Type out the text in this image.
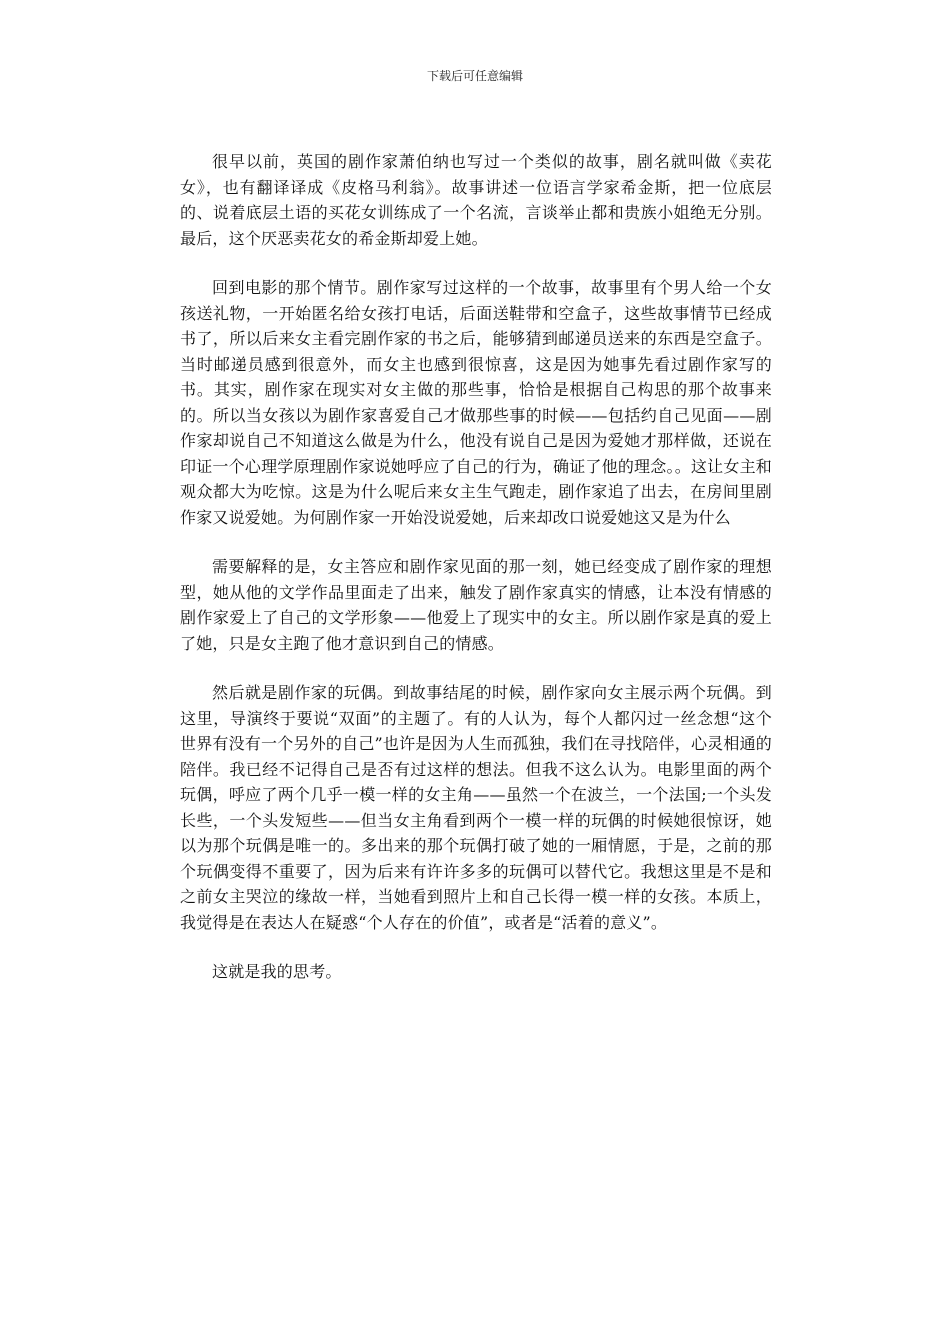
下载后可任意编辑

很早以前，英国的剧作家萧伯纳也写过一个类似的故事，剧名就叫做《卖花女》，也有翻译译成《皮格马利翁》。故事讲述一位语言学家希金斯，把一位底层的、说着底层土语的买花女训练成了一个名流，言谈举止都和贵族小姐绝无分别。最后，这个厌恶卖花女的希金斯却爱上她。

回到电影的那个情节。剧作家写过这样的一个故事，故事里有个男人给一个女孩送礼物，一开始匿名给女孩打电话，后面送鞋带和空盒子，这些故事情节已经成书了，所以后来女主看完剧作家的书之后，能够猜到邮递员送来的东西是空盒子。当时邮递员感到很意外，而女主也感到很惊喜，这是因为她事先看过剧作家写的书。其实，剧作家在现实对女主做的那些事，恰恰是根据自己构思的那个故事来的。所以当女孩以为剧作家喜爱自己才做那些事的时候——包括约自己见面——剧作家却说自己不知道这么做是为什么，他没有说自己是因为爱她才那样做，还说在印证一个心理学原理剧作家说她呼应了自己的行为，确证了他的理念。。这让女主和观众都大为吃惊。这是为什么呢后来女主生气跑走，剧作家追了出去，在房间里剧作家又说爱她。为何剧作家一开始没说爱她，后来却改口说爱她这又是为什么

需要解释的是，女主答应和剧作家见面的那一刻，她已经变成了剧作家的理想型，她从他的文学作品里面走了出来，触发了剧作家真实的情感，让本没有情感的剧作家爱上了自己的文学形象——他爱上了现实中的女主。所以剧作家是真的爱上了她，只是女主跑了他才意识到自己的情感。

然后就是剧作家的玩偶。到故事结尾的时候，剧作家向女主展示两个玩偶。到这里，导演终于要说“双面”的主题了。有的人认为，每个人都闪过一丝念想“这个世界有没有一个另外的自己”也许是因为人生而孤独，我们在寻找陪伴，心灵相通的陪伴。我已经不记得自己是否有过这样的想法。但我不这么认为。电影里面的两个玩偶，呼应了两个几乎一模一样的女主角——虽然一个在波兰，一个法国;一个头发长些，一个头发短些——但当女主角看到两个一模一样的玩偶的时候她很惊讶，她以为那个玩偶是唯一的。多出来的那个玩偶打破了她的一厢情愿，于是，之前的那个玩偶变得不重要了，因为后来有许许多多的玩偶可以替代它。我想这里是不是和之前女主哭泣的缘故一样，当她看到照片上和自己长得一模一样的女孩。本质上，我觉得是在表达人在疑惑“个人存在的价值”，或者是“活着的意义”。

这就是我的思考。
